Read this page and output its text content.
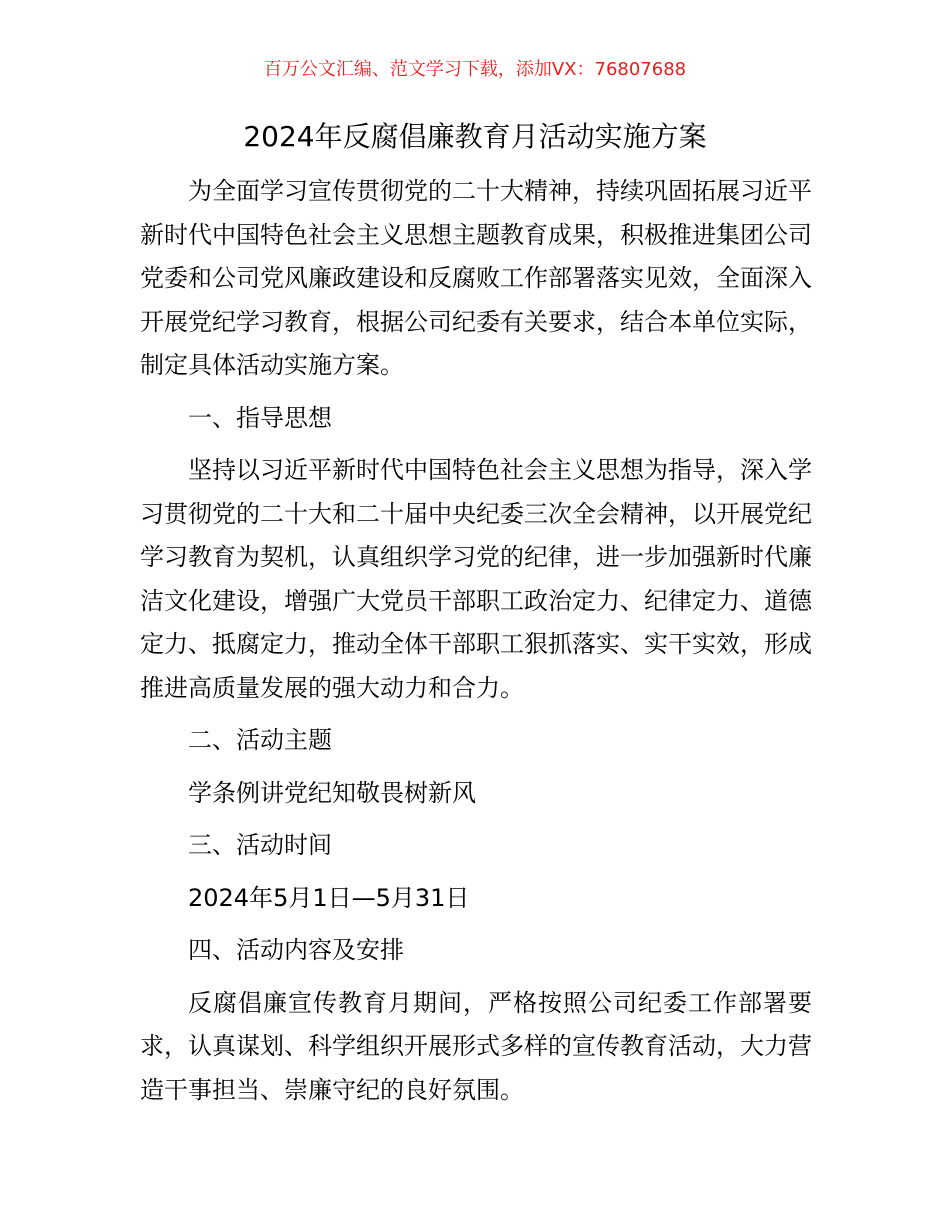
百万公文汇编、范文学习下载，添加VX：76807688
2024年反腐倡廉教育月活动实施方案

为全面学习宣传贯彻党的二十大精神，持续巩固拓展习近平新时代中国特色社会主义思想主题教育成果，积极推进集团公司党委和公司党风廉政建设和反腐败工作部署落实见效，全面深入开展党纪学习教育，根据公司纪委有关要求，结合本单位实际，制定具体活动实施方案。

一、指导思想

坚持以习近平新时代中国特色社会主义思想为指导，深入学习贯彻党的二十大和二十届中央纪委三次全会精神，以开展党纪学习教育为契机，认真组织学习党的纪律，进一步加强新时代廉洁文化建设，增强广大党员干部职工政治定力、纪律定力、道德定力、抵腐定力，推动全体干部职工狠抓落实、实干实效，形成推进高质量发展的强大动力和合力。

二、活动主题

学条例讲党纪知敬畏树新风

三、活动时间

2024年5月1日—5月31日

四、活动内容及安排

反腐倡廉宣传教育月期间，严格按照公司纪委工作部署要求，认真谋划、科学组织开展形式多样的宣传教育活动，大力营造干事担当、崇廉守纪的良好氛围。
